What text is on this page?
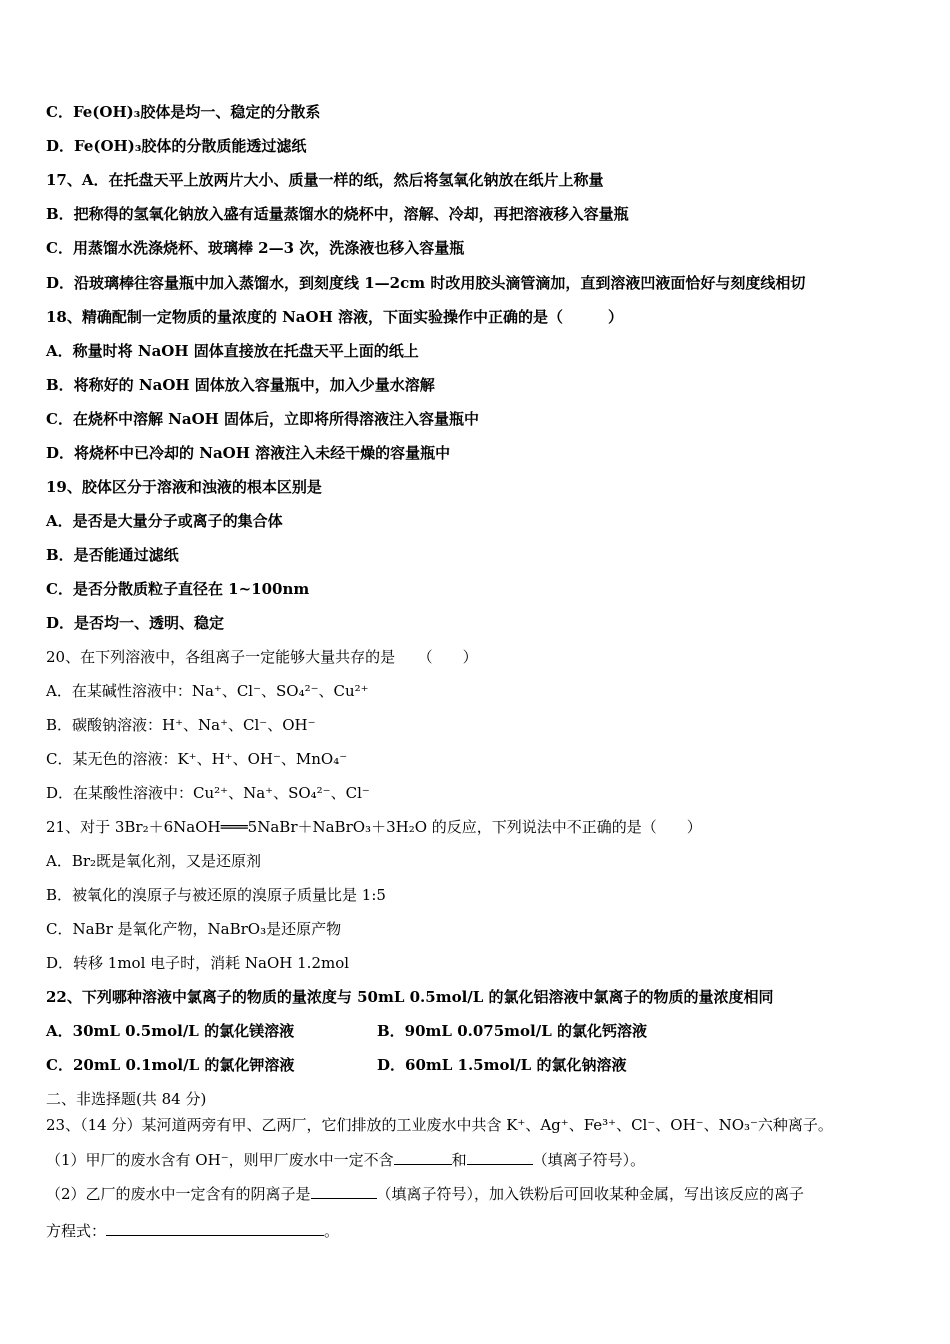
C．Fe(OH)₃胶体是均一、稳定的分散系
D．Fe(OH)₃胶体的分散质能透过滤纸
17、A．在托盘天平上放两片大小、质量一样的纸，然后将氢氧化钠放在纸片上称量
B．把称得的氢氧化钠放入盛有适量蒸馏水的烧杯中，溶解、冷却，再把溶液移入容量瓶
C．用蒸馏水洗涤烧杯、玻璃棒 2—3 次，洗涤液也移入容量瓶
D．沿玻璃棒往容量瓶中加入蒸馏水，到刻度线 1—2cm 时改用胶头滴管滴加，直到溶液凹液面恰好与刻度线相切
18、精确配制一定物质的量浓度的 NaOH 溶液，下面实验操作中正确的是（　　　）
A．称量时将 NaOH 固体直接放在托盘天平上面的纸上
B．将称好的 NaOH 固体放入容量瓶中，加入少量水溶解
C．在烧杯中溶解 NaOH 固体后，立即将所得溶液注入容量瓶中
D．将烧杯中已冷却的 NaOH 溶液注入未经干燥的容量瓶中
19、胶体区分于溶液和浊液的根本区别是
A．是否是大量分子或离子的集合体
B．是否能通过滤纸
C．是否分散质粒子直径在 1~100nm
D．是否均一、透明、稳定
20、在下列溶液中，各组离子一定能够大量共存的是　　（　　）
A．在某碱性溶液中：Na⁺、Cl⁻、SO₄²⁻、Cu²⁺
B．碳酸钠溶液：H⁺、Na⁺、Cl⁻、OH⁻
C．某无色的溶液：K⁺、H⁺、OH⁻、MnO₄⁻
D．在某酸性溶液中：Cu²⁺、Na⁺、SO₄²⁻、Cl⁻
21、对于 3Br₂＋6NaOH═══5NaBr＋NaBrO₃＋3H₂O 的反应，下列说法中不正确的是（　　）
A．Br₂既是氧化剂，又是还原剂
B．被氧化的溴原子与被还原的溴原子质量比是 1:5
C．NaBr 是氧化产物，NaBrO₃是还原产物
D．转移 1mol 电子时，消耗 NaOH 1.2mol
22、下列哪种溶液中氯离子的物质的量浓度与 50mL 0.5mol/L 的氯化铝溶液中氯离子的物质的量浓度相同
A．30mL 0.5mol/L 的氯化镁溶液	B．90mL 0.075mol/L 的氯化钙溶液
C．20mL 0.1mol/L 的氯化钾溶液	D．60mL 1.5mol/L 的氯化钠溶液
二、非选择题(共 84 分)
23、（14 分）某河道两旁有甲、乙两厂，它们排放的工业废水中共含 K⁺、Ag⁺、Fe³⁺、Cl⁻、OH⁻、NO₃⁻六种离子。
（1）甲厂的废水含有 OH⁻，则甲厂废水中一定不含	和	（填离子符号）。
（2）乙厂的废水中一定含有的阴离子是	（填离子符号），加入铁粉后可回收某种金属，写出该反应的离子
方程式：	。
